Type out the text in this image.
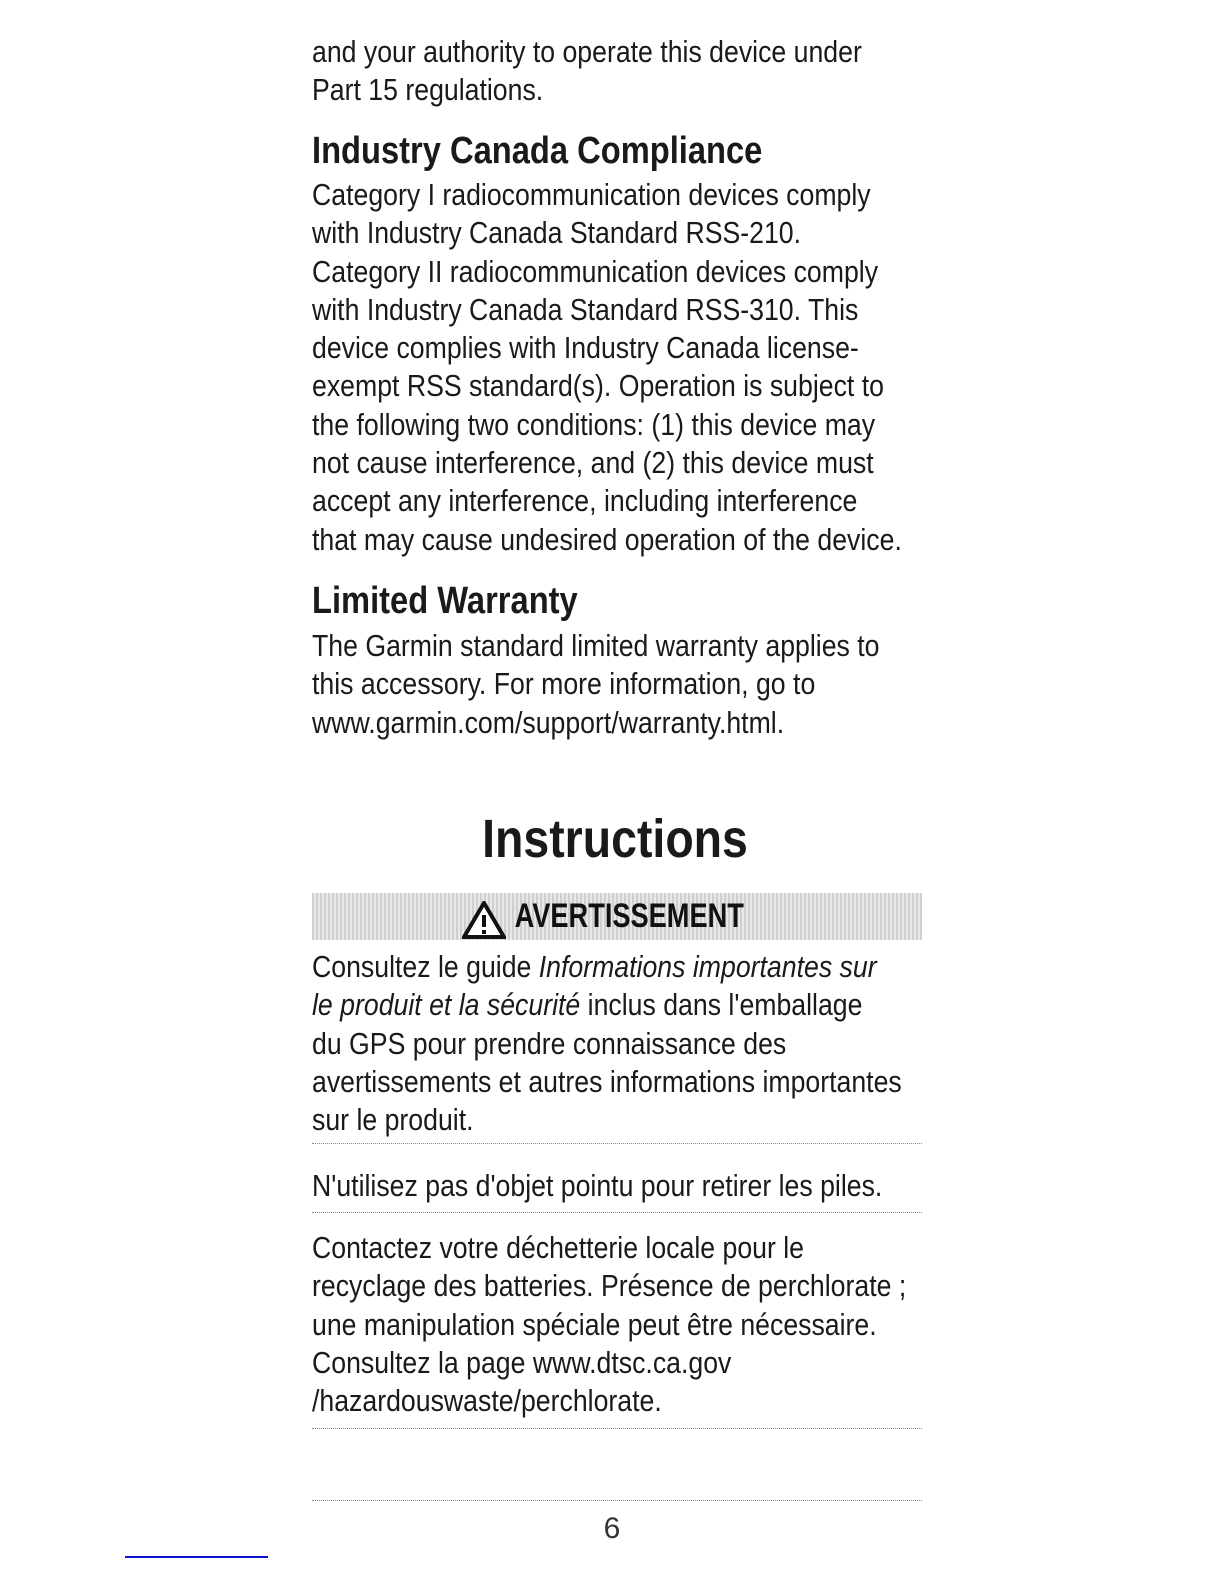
and your authority to operate this device under
Part 15 regulations.
Industry Canada Compliance
Category I radiocommunication devices comply
with Industry Canada Standard RSS-210.
Category II radiocommunication devices comply
with Industry Canada Standard RSS-310. This
device complies with Industry Canada license-
exempt RSS standard(s). Operation is subject to
the following two conditions: (1) this device may
not cause interference, and (2) this device must
accept any interference, including interference
that may cause undesired operation of the device.
Limited Warranty
The Garmin standard limited warranty applies to
this accessory. For more information, go to
www.garmin.com/support/warranty.html.
Instructions
AVERTISSEMENT
Consultez le guide Informations importantes sur
le produit et la sécurité inclus dans l'emballage
du GPS pour prendre connaissance des
avertissements et autres informations importantes
sur le produit.
N'utilisez pas d'objet pointu pour retirer les piles.
Contactez votre déchetterie locale pour le
recyclage des batteries. Présence de perchlorate ;
une manipulation spéciale peut être nécessaire.
Consultez la page www.dtsc.ca.gov
/hazardouswaste/perchlorate.
6
